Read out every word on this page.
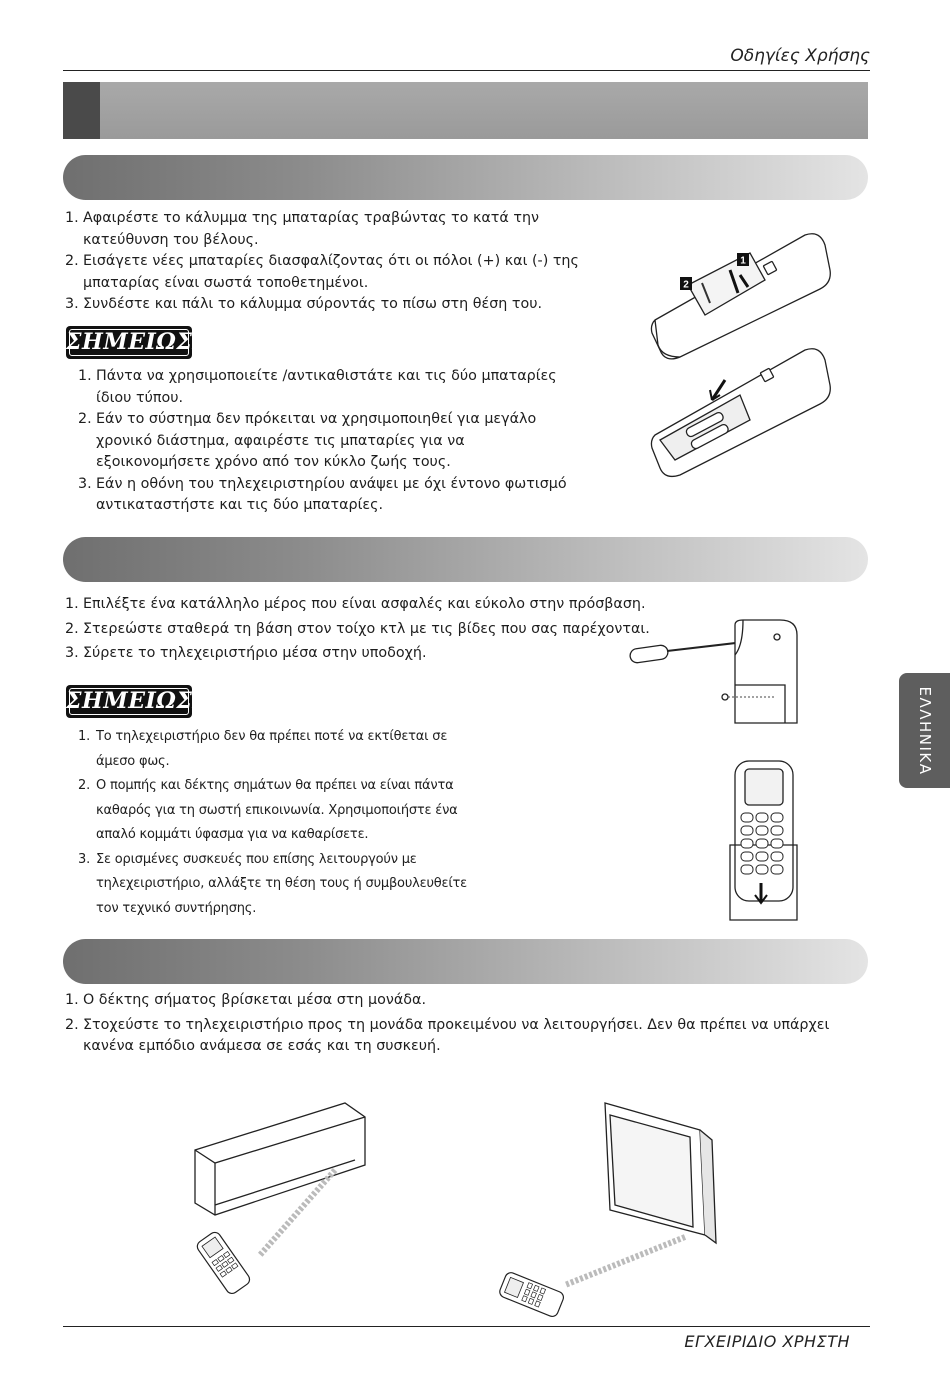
Οδηγίες Χρήσης
1. Αφαιρέστε το κάλυμμα της μπαταρίας τραβώντας το κατά την κατεύθυνση του βέλους.
2. Εισάγετε νέες μπαταρίες διασφαλίζοντας ότι οι πόλοι (+) και (-) της μπαταρίας είναι σωστά τοποθετημένοι.
3. Συνδέστε και πάλι το κάλυμμα σύροντάς το πίσω στη θέση του.
ΣΗΜΕΙΩΣΗ
1. Πάντα να χρησιμοποιείτε /αντικαθιστάτε και τις δύο μπαταρίες ίδιου τύπου.
2. Εάν το σύστημα δεν πρόκειται να χρησιμοποιηθεί για μεγάλο χρονικό διάστημα, αφαιρέστε τις μπαταρίες για να εξοικονομήσετε χρόνο από τον κύκλο ζωής τους.
3. Εάν η οθόνη του τηλεχειριστηρίου ανάψει με όχι έντονο φωτισμό αντικαταστήστε και τις δύο μπαταρίες.
1
2
1. Επιλέξτε ένα κατάλληλο μέρος που είναι ασφαλές και εύκολο στην πρόσβαση.
2. Στερεώστε σταθερά τη βάση στον τοίχο κτλ με τις βίδες που σας παρέχονται.
3. Σύρετε το τηλεχειριστήριο μέσα στην υποδοχή.
ΣΗΜΕΙΩΣΗ
1. Το τηλεχειριστήριο δεν θα πρέπει ποτέ να εκτίθεται σε άμεσο φως.
2. Ο πομπής και δέκτης σημάτων θα πρέπει να είναι πάντα καθαρός για τη σωστή επικοινωνία. Χρησιμοποιήστε ένα απαλό κομμάτι ύφασμα για να καθαρίσετε.
3. Σε ορισμένες συσκευές που επίσης λειτουργούν με τηλεχειριστήριο, αλλάξτε τη θέση τους ή συμβουλευθείτε τον τεχνικό συντήρησης.
1. Ο δέκτης σήματος βρίσκεται μέσα στη μονάδα.
2. Στοχεύστε το τηλεχειριστήριο προς τη μονάδα προκειμένου να λειτουργήσει. Δεν θα πρέπει να υπάρχει κανένα εμπόδιο ανάμεσα σε εσάς και τη συσκευή.
ΕΛΛΗΝΙΚΑ
ΕΓΧΕΙΡΙΔΙΟ ΧΡΗΣΤΗ
